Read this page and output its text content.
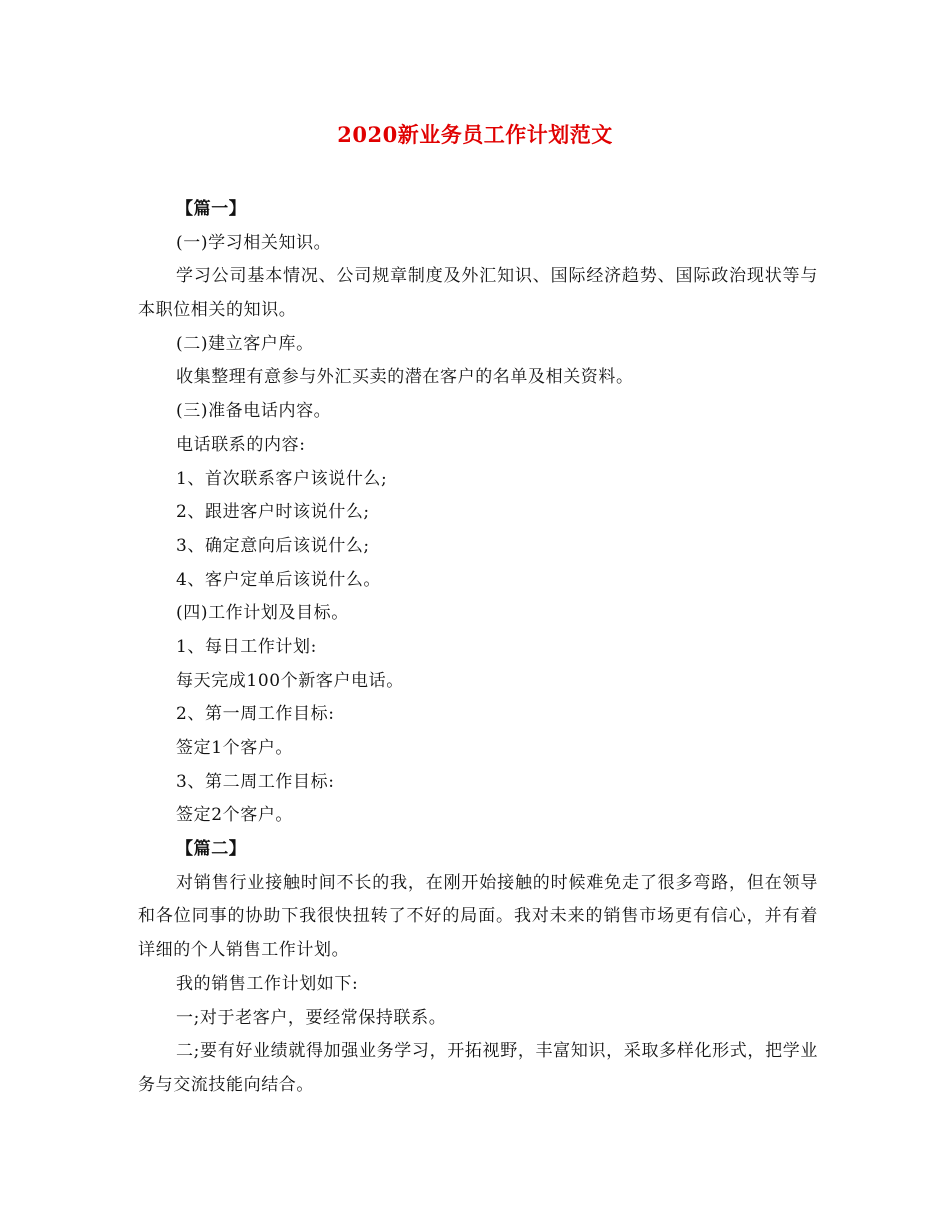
2020新业务员工作计划范文
【篇一】
(一)学习相关知识。
学习公司基本情况、公司规章制度及外汇知识、国际经济趋势、国际政治现状等与本职位相关的知识。
(二)建立客户库。
收集整理有意参与外汇买卖的潜在客户的名单及相关资料。
(三)准备电话内容。
电话联系的内容:
1、首次联系客户该说什么;
2、跟进客户时该说什么;
3、确定意向后该说什么;
4、客户定单后该说什么。
(四)工作计划及目标。
1、每日工作计划:
每天完成100个新客户电话。
2、第一周工作目标:
签定1个客户。
3、第二周工作目标:
签定2个客户。
【篇二】
对销售行业接触时间不长的我，在刚开始接触的时候难免走了很多弯路，但在领导和各位同事的协助下我很快扭转了不好的局面。我对未来的销售市场更有信心，并有着详细的个人销售工作计划。
我的销售工作计划如下:
一;对于老客户，要经常保持联系。
二;要有好业绩就得加强业务学习，开拓视野，丰富知识，采取多样化形式，把学业务与交流技能向结合。
